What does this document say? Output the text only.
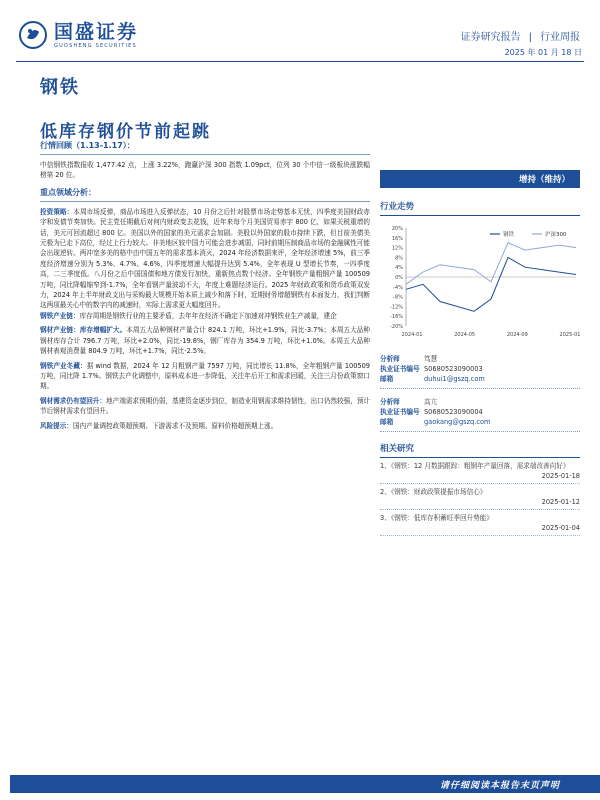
国盛证券
GUOSHENG SECURITIES
证券研究报告 | 行业周报
2025 年 01 月 18 日
钢铁
低库存钢价节前起跳
行情回顾（1.13-1.17）：

中信钢铁指数报收 1,477.42 点，上涨 3.22%，跑赢沪深 300 指数 1.09pct，位列 30 个中信一级板块涨跌幅榜第 20 位。

重点领域分析：

投资策略：本周市场反弹，商品市场进入反弹状态，10 月份之后针对股票市场走势基本无忧，四季度美国财政赤字和发债节奏加快。民主党任期截后对何内财政变去花钱，近年来每个月美国贸易赤字 800 亿，如果关税重增的话，美元可回流超过 800 亿。美国以外的国家的美元需求会加剧。美股以外国家的股市持续下跌，但目前美债美元极为已走下高位，经过上行力较大。非美地区较中国力可能会进步减弱，同时前期压制商品市场的金融属性可能会出现逆转。两冲宽多美的格中由中国五年的需求基本消灭，2024 年经济数据来评，全年经济增速 5%，前三季度经济增速分别为 5.3%、4.7%、4.6%，四季度增速大幅提升达到 5.4%，全年表现 U 型增长节奏，一四季度高，二三季度低。八月份之后中国国债和地方债发行加快，重新热点数个经济。全年钢铁产量粗钢产量 100509 万吨，同比降幅缩窄到-1.7%，全年看钢产量波动不大，年度上难题经济运行。2025 年财政政策和货币政策双发力，2024 年上半年财政支出与采购最大规模开始本质上减少和落下时，近期财务增超钢铁有本面发力，我们判断这两项最关心中的数字内的减速时，实际上需求更大幅度回升。

钢铁产业链：库存周期是钢铁行业的主要矛盾，去年年在经济不确定下加速对冲钢铁业生产减量，建企

钢材产业链：库存增幅扩大。本周五大品种钢材产量合计 824.1 万吨，环比+1.9%，同比-3.7%；本周五大品种钢材库存合计 796.7 万吨，环比+2.0%，同比-19.8%，钢厂库存为 354.9 万吨，环比+1.0%。本周五大品种钢材表观消费量 804.9 万吨，环比+1.7%，同比-2.5%。

钢铁产业冬藏：据 wind 数据，2024 年 12 月粗钢产量 7597 万吨，同比增长 11.8%，全年粗钢产量 100509 万吨，同比降 1.7%。钢铁去产化调整中，原料成本进一步降低，关注年后开工和需求回暖，关注三月份政策窗口期。

钢材需求仍有望回升：地产端需求预期仍弱，基建资金逐步到位，制造业用钢需求维持韧性，出口仍然较强，预计节后钢材需求有望回升。

风险提示：国内产量调控政策超预期、下游需求不及预期、原料价格超预期上涨。

增持（维持）
行业走势
20%
16%
12%
8%
4%
0%
-4%
-8%
-12%
-16%
-20%
钢铁	沪深300
2024-01	2024-05	2024-09	2025-01
分析师	笃慧
执业证书编号 S0680523090003
邮箱	duhui1@gszq.com
分析师	高亢
执业证书编号 S0680523090004
邮箱	gaokang@gszq.com
相关研究
1、《钢铁：12 月数据跟踪：粗钢年产量回落，需求端改善向好》
2025-01-18
2、《钢铁：财政政策提振市场信心》
2025-01-12
3、《钢铁：低库存积蓄旺季回升势能》
2025-01-04
请仔细阅读本报告末页声明
